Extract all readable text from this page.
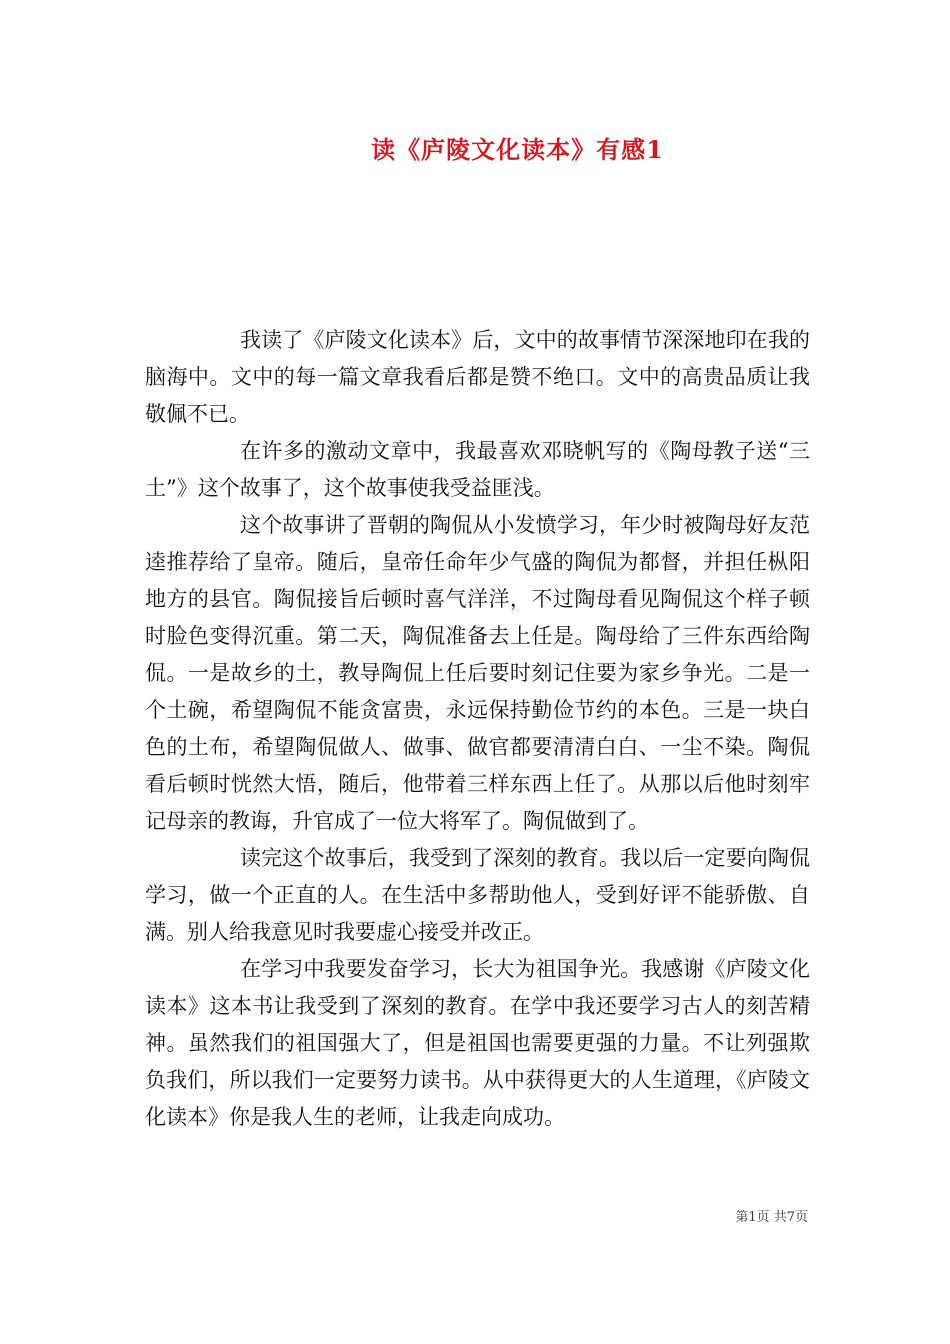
读《庐陵文化读本》有感1

我读了《庐陵文化读本》后，文中的故事情节深深地印在我的脑海中。文中的每一篇文章我看后都是赞不绝口。文中的高贵品质让我敬佩不已。

在许多的激动文章中，我最喜欢邓晓帆写的《陶母教子送“三土”》这个故事了，这个故事使我受益匪浅。

这个故事讲了晋朝的陶侃从小发愤学习，年少时被陶母好友范逵推荐给了皇帝。随后，皇帝任命年少气盛的陶侃为都督，并担任枞阳地方的县官。陶侃接旨后顿时喜气洋洋，不过陶母看见陶侃这个样子顿时脸色变得沉重。第二天，陶侃准备去上任是。陶母给了三件东西给陶侃。一是故乡的土，教导陶侃上任后要时刻记住要为家乡争光。二是一个土碗，希望陶侃不能贪富贵，永远保持勤俭节约的本色。三是一块白色的土布，希望陶侃做人、做事、做官都要清清白白、一尘不染。陶侃看后顿时恍然大悟，随后，他带着三样东西上任了。从那以后他时刻牢记母亲的教诲，升官成了一位大将军了。陶侃做到了。

读完这个故事后，我受到了深刻的教育。我以后一定要向陶侃学习，做一个正直的人。在生活中多帮助他人，受到好评不能骄傲、自满。别人给我意见时我要虚心接受并改正。

在学习中我要发奋学习，长大为祖国争光。我感谢《庐陵文化读本》这本书让我受到了深刻的教育。在学中我还要学习古人的刻苦精神。虽然我们的祖国强大了，但是祖国也需要更强的力量。不让列强欺负我们，所以我们一定要努力读书。从中获得更大的人生道理，《庐陵文化读本》你是我人生的老师，让我走向成功。

第1页 共7页
